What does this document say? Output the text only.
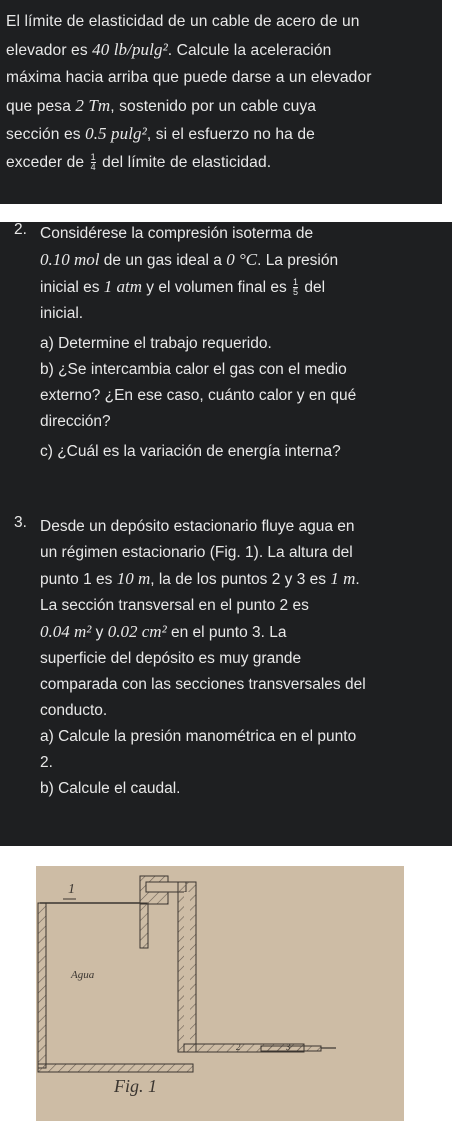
El límite de elasticidad de un cable de acero de un
elevador es 40 lb/pulg². Calcule la aceleración
máxima hacia arriba que puede darse a un elevador
que pesa 2 Tm, sostenido por un cable cuya
sección es 0.5 pulg², si el esfuerzo no ha de
exceder de $\frac{1}{4}$ del límite de elasticidad.
2. Considérese la compresión isoterma de

0.10 mol de un gas ideal a 0 °C. La presión

inicial es 1 atm y el volumen final es $\frac{1}{5}$ del

inicial.

a) Determine el trabajo requerido.

b) ¿Se intercambia calor el gas con el medio

externo? ¿En ese caso, cuánto calor y en qué

dirección?

c) ¿Cuál es la variación de energía interna?

3. Desde un depósito estacionario fluye agua en

un régimen estacionario (Fig. 1). La altura del

punto 1 es 10 m, la de los puntos 2 y 3 es 1 m.

La sección transversal en el punto 2 es

0.04 m² y 0.02 cm² en el punto 3. La

superficie del depósito es muy grande

comparada con las secciones transversales del

conducto.

a) Calcule la presión manométrica en el punto

2.

b) Calcule el caudal.

1
Agua
2	3
Fig. 1
